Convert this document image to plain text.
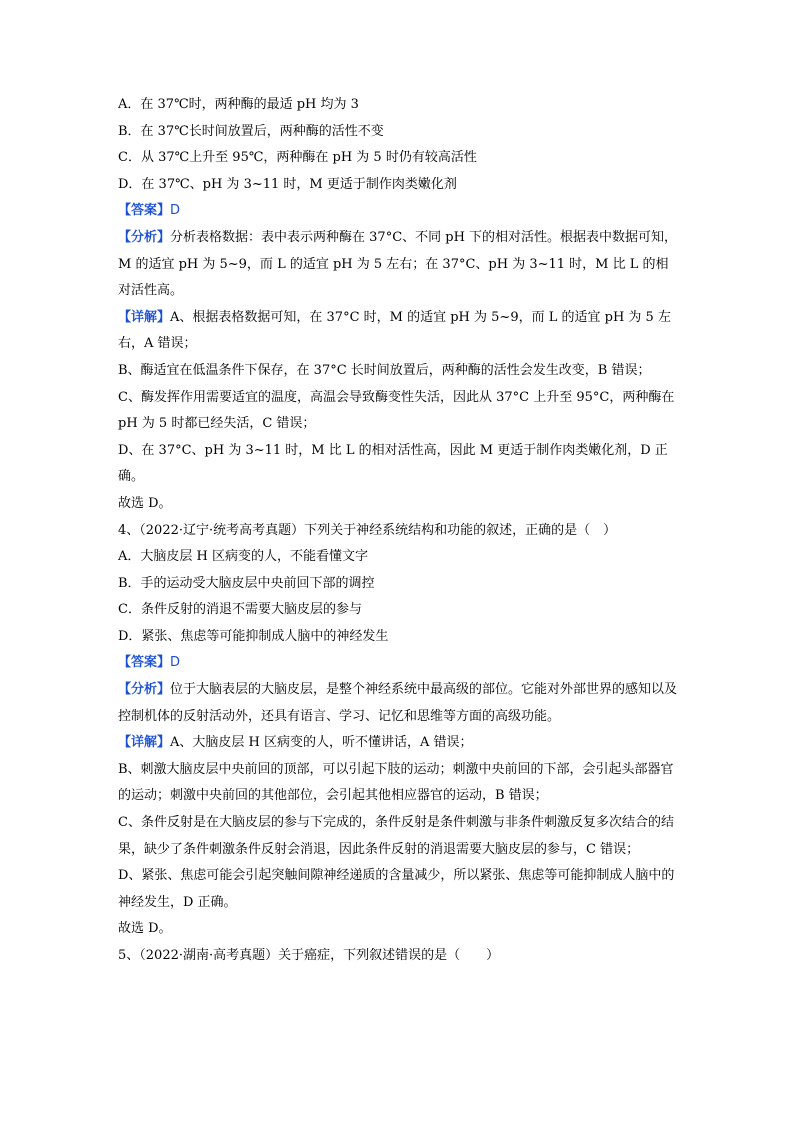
A．在 37℃时，两种酶的最适 pH 均为 3
B．在 37℃长时间放置后，两种酶的活性不变
C．从 37℃上升至 95℃，两种酶在 pH 为 5 时仍有较高活性
D．在 37℃、pH 为 3~11 时，M 更适于制作肉类嫩化剂
【答案】D
【分析】分析表格数据：表中表示两种酶在 37°C、不同 pH 下的相对活性。根据表中数据可知，M 的适宜 pH 为 5~9，而 L 的适宜 pH 为 5 左右；在 37°C、pH 为 3~11 时，M 比 L 的相对活性高。
【详解】A、根据表格数据可知，在 37°C 时，M 的适宜 pH 为 5~9，而 L 的适宜 pH 为 5 左右，A 错误；
B、酶适宜在低温条件下保存，在 37°C 长时间放置后，两种酶的活性会发生改变，B 错误；
C、酶发挥作用需要适宜的温度，高温会导致酶变性失活，因此从 37°C 上升至 95°C，两种酶在 pH 为 5 时都已经失活，C 错误；
D、在 37°C、pH 为 3~11 时，M 比 L 的相对活性高，因此 M 更适于制作肉类嫩化剂，D 正确。
故选 D。
4、（2022·辽宁·统考高考真题）下列关于神经系统结构和功能的叙述，正确的是（　）
A．大脑皮层 H 区病变的人，不能看懂文字
B．手的运动受大脑皮层中央前回下部的调控
C．条件反射的消退不需要大脑皮层的参与
D．紧张、焦虑等可能抑制成人脑中的神经发生
【答案】D
【分析】位于大脑表层的大脑皮层，是整个神经系统中最高级的部位。它能对外部世界的感知以及控制机体的反射活动外，还具有语言、学习、记忆和思维等方面的高级功能。
【详解】A、大脑皮层 H 区病变的人，听不懂讲话，A 错误；
B、刺激大脑皮层中央前回的顶部，可以引起下肢的运动；刺激中央前回的下部，会引起头部器官的运动；刺激中央前回的其他部位，会引起其他相应器官的运动，B 错误；
C、条件反射是在大脑皮层的参与下完成的，条件反射是条件刺激与非条件刺激反复多次结合的结果，缺少了条件刺激条件反射会消退，因此条件反射的消退需要大脑皮层的参与，C 错误；
D、紧张、焦虑可能会引起突触间隙神经递质的含量减少，所以紧张、焦虑等可能抑制成人脑中的神经发生，D 正确。
故选 D。
5、（2022·湖南·高考真题）关于癌症，下列叙述错误的是（　　）
